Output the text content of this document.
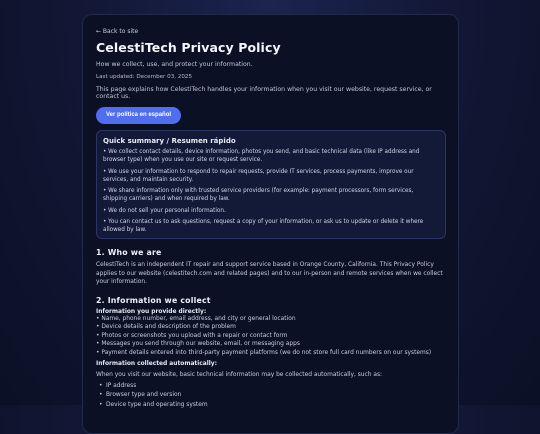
← Back to site
CelestiTech Privacy Policy

How we collect, use, and protect your information.

Last updated: December 03, 2025

This page explains how CelestiTech handles your information when you visit our website, request service, or contact us.

Ver política en español
Quick summary / Resumen rápido

• We collect contact details, device information, photos you send, and basic technical data (like IP address and browser type) when you use our site or request service.

• We use your information to respond to repair requests, provide IT services, process payments, improve our services, and maintain security.

• We share information only with trusted service providers (for example: payment processors, form services, shipping carriers) and when required by law.

• We do not sell your personal information.

• You can contact us to ask questions, request a copy of your information, or ask us to update or delete it where allowed by law.

1. Who we are

CelestiTech is an independent IT repair and support service based in Orange County, California. This Privacy Policy applies to our website (celestitech.com and related pages) and to our in-person and remote services when we collect your information.

2. Information we collect
Information you provide directly:
• Name, phone number, email address, and city or general location
• Device details and description of the problem
• Photos or screenshots you upload with a repair or contact form
• Messages you send through our website, email, or messaging apps
• Payment details entered into third-party payment platforms (we do not store full card numbers on our systems)
Information collected automatically:

When you visit our website, basic technical information may be collected automatically, such as:

• IP address
• Browser type and version
• Device type and operating system
